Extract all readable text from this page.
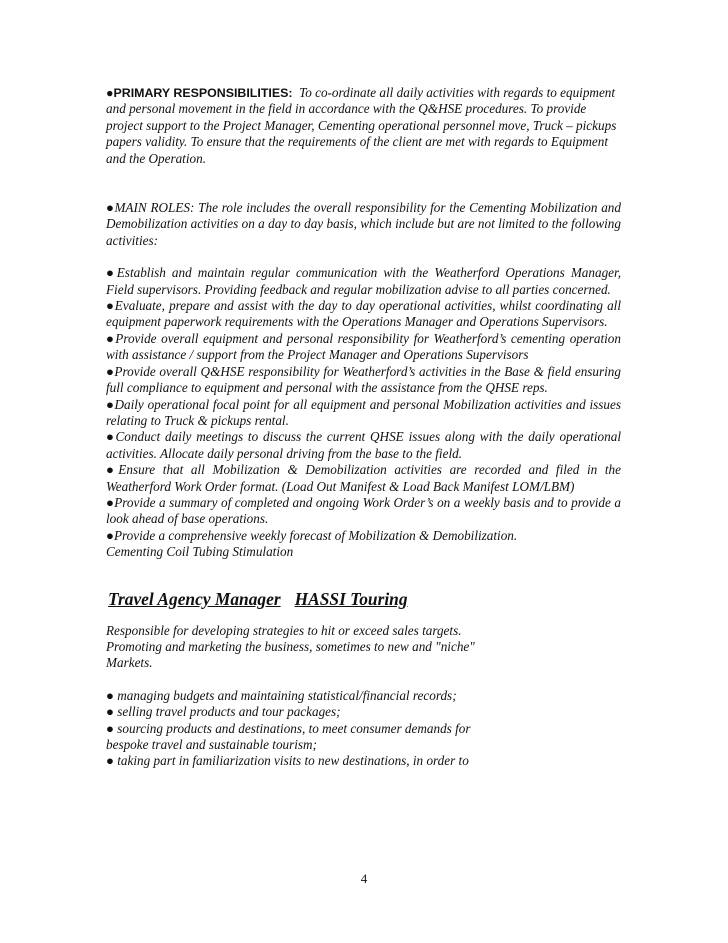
●PRIMARY RESPONSIBILITIES: To co-ordinate all daily activities with regards to equipment and personal movement in the field in accordance with the Q&HSE procedures. To provide project support to the Project Manager, Cementing operational personnel move, Truck – pickups papers validity. To ensure that the requirements of the client are met with regards to Equipment and the Operation.

●MAIN ROLES: The role includes the overall responsibility for the Cementing Mobilization and Demobilization activities on a day to day basis, which include but are not limited to the following activities:

●Establish and maintain regular communication with the Weatherford Operations Manager, Field supervisors. Providing feedback and regular mobilization advise to all parties concerned.

●Evaluate, prepare and assist with the day to day operational activities, whilst coordinating all equipment paperwork requirements with the Operations Manager and Operations Supervisors.

●Provide overall equipment and personal responsibility for Weatherford’s cementing operation with assistance / support from the Project Manager and Operations Supervisors

●Provide overall Q&HSE responsibility for Weatherford’s activities in the Base & field ensuring full compliance to equipment and personal with the assistance from the QHSE reps.

●Daily operational focal point for all equipment and personal Mobilization activities and issues relating to Truck & pickups rental.

●Conduct daily meetings to discuss the current QHSE issues along with the daily operational activities. Allocate daily personal driving from the base to the field.

●Ensure that all Mobilization & Demobilization activities are recorded and filed in the Weatherford Work Order format. (Load Out Manifest & Load Back Manifest LOM/LBM)

●Provide a summary of completed and ongoing Work Order’s on a weekly basis and to provide a look ahead of base operations.

●Provide a comprehensive weekly forecast of Mobilization & Demobilization.

Cementing Coil Tubing Stimulation

Travel Agency Manager HASSI Touring

Responsible for developing strategies to hit or exceed sales targets.

Promoting and marketing the business, sometimes to new and "niche"

Markets.

● managing budgets and maintaining statistical/financial records;

● selling travel products and tour packages;

● sourcing products and destinations, to meet consumer demands for

bespoke travel and sustainable tourism;

● taking part in familiarization visits to new destinations, in order to

4
